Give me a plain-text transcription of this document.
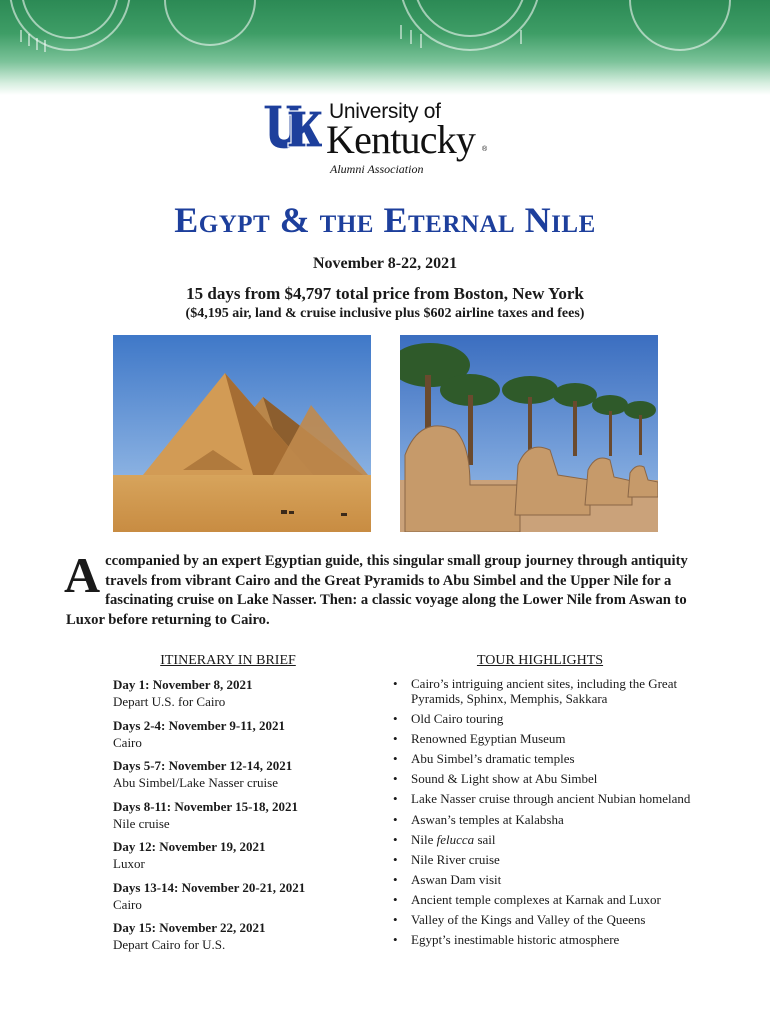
University of
Kentucky ®
Alumni Association
Egypt & the Eternal Nile
November 8-22, 2021
15 days from $4,797 total price from Boston, New York
($4,195 air, land & cruise inclusive plus $602 airline taxes and fees)

Accompanied by an expert Egyptian guide, this singular small group journey through antiquity travels from vibrant Cairo and the Great Pyramids to Abu Simbel and the Upper Nile for a fascinating cruise on Lake Nasser. Then: a classic voyage along the Lower Nile from Aswan to Luxor before returning to Cairo.

ITINERARY IN BRIEF	TOUR HIGHLIGHTS
Day 1: November 8, 2021
Depart U.S. for Cairo
Days 2-4: November 9-11, 2021
Cairo
Days 5-7: November 12-14, 2021
Abu Simbel/Lake Nasser cruise
Days 8-11: November 15-18, 2021
Nile cruise
Day 12: November 19, 2021
Luxor
Days 13-14: November 20-21, 2021
Cairo
Day 15: November 22, 2021
Depart Cairo for U.S.
• Cairo’s intriguing ancient sites, including the Great Pyramids, Sphinx, Memphis, Sakkara
• Old Cairo touring
• Renowned Egyptian Museum
• Abu Simbel’s dramatic temples
• Sound & Light show at Abu Simbel
• Lake Nasser cruise through ancient Nubian homeland
• Aswan’s temples at Kalabsha
• Nile felucca sail
• Nile River cruise
• Aswan Dam visit
• Ancient temple complexes at Karnak and Luxor
• Valley of the Kings and Valley of the Queens
• Egypt’s inestimable historic atmosphere
